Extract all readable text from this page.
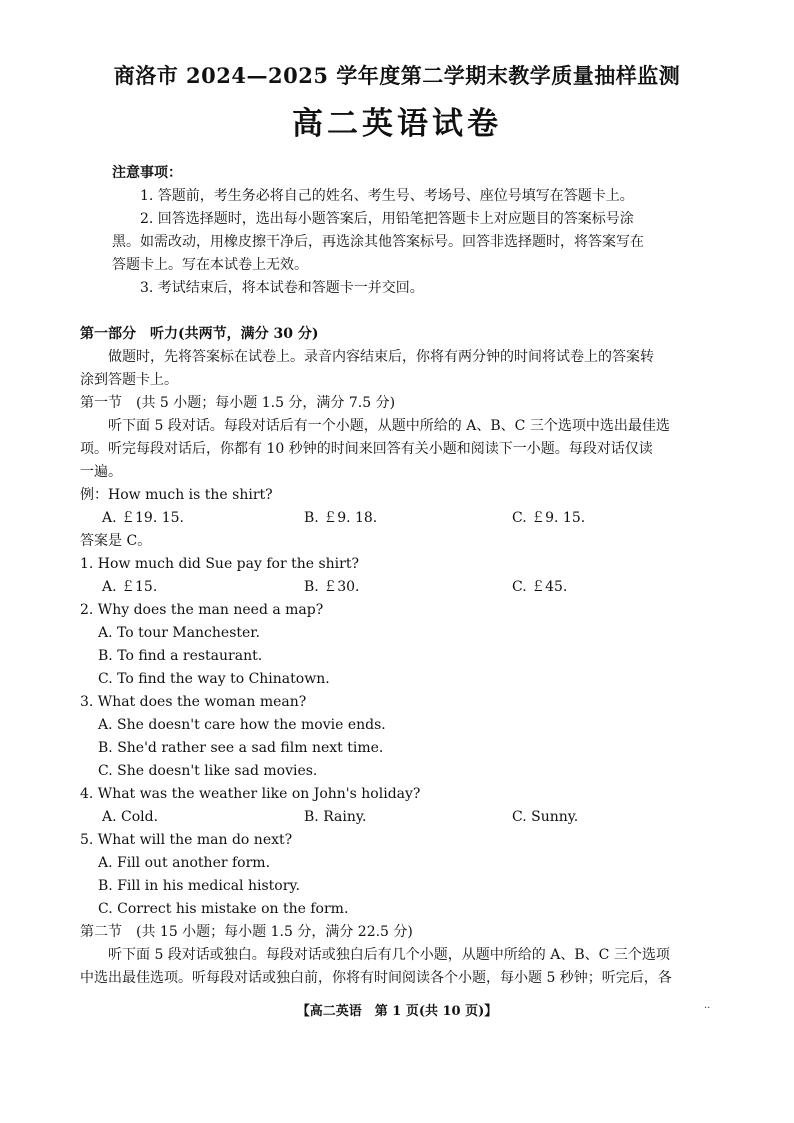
商洛市 2024—2025 学年度第二学期末教学质量抽样监测
高二英语试卷

注意事项：

1. 答题前，考生务必将自己的姓名、考生号、考场号、座位号填写在答题卡上。

2. 回答选择题时，选出每小题答案后，用铅笔把答题卡上对应题目的答案标号涂

黑。如需改动，用橡皮擦干净后，再选涂其他答案标号。回答非选择题时，将答案写在

答题卡上。写在本试卷上无效。

3. 考试结束后，将本试卷和答题卡一并交回。

第一部分　听力(共两节，满分 30 分)

做题时，先将答案标在试卷上。录音内容结束后，你将有两分钟的时间将试卷上的答案转

涂到答题卡上。

第一节　(共 5 小题；每小题 1.5 分，满分 7.5 分)

听下面 5 段对话。每段对话后有一个小题，从题中所给的 A、B、C 三个选项中选出最佳选

项。听完每段对话后，你都有 10 秒钟的时间来回答有关小题和阅读下一小题。每段对话仅读

一遍。

例：How much is the shirt?

A. ￡19. 15.	B. ￡9. 18.	C. ￡9. 15.

答案是 C。

1. How much did Sue pay for the shirt?

A. ￡15.	B. ￡30.	C. ￡45.

2. Why does the man need a map?

A. To tour Manchester.

B. To find a restaurant.

C. To find the way to Chinatown.

3. What does the woman mean?

A. She doesn't care how the movie ends.

B. She'd rather see a sad film next time.

C. She doesn't like sad movies.

4. What was the weather like on John's holiday?

A. Cold.	B. Rainy.	C. Sunny.

5. What will the man do next?

A. Fill out another form.

B. Fill in his medical history.

C. Correct his mistake on the form.

第二节　(共 15 小题；每小题 1.5 分，满分 22.5 分)

听下面 5 段对话或独白。每段对话或独白后有几个小题，从题中所给的 A、B、C 三个选项

中选出最佳选项。听每段对话或独白前，你将有时间阅读各个小题，每小题 5 秒钟；听完后，各

【高二英语　第 1 页(共 10 页)】	··
